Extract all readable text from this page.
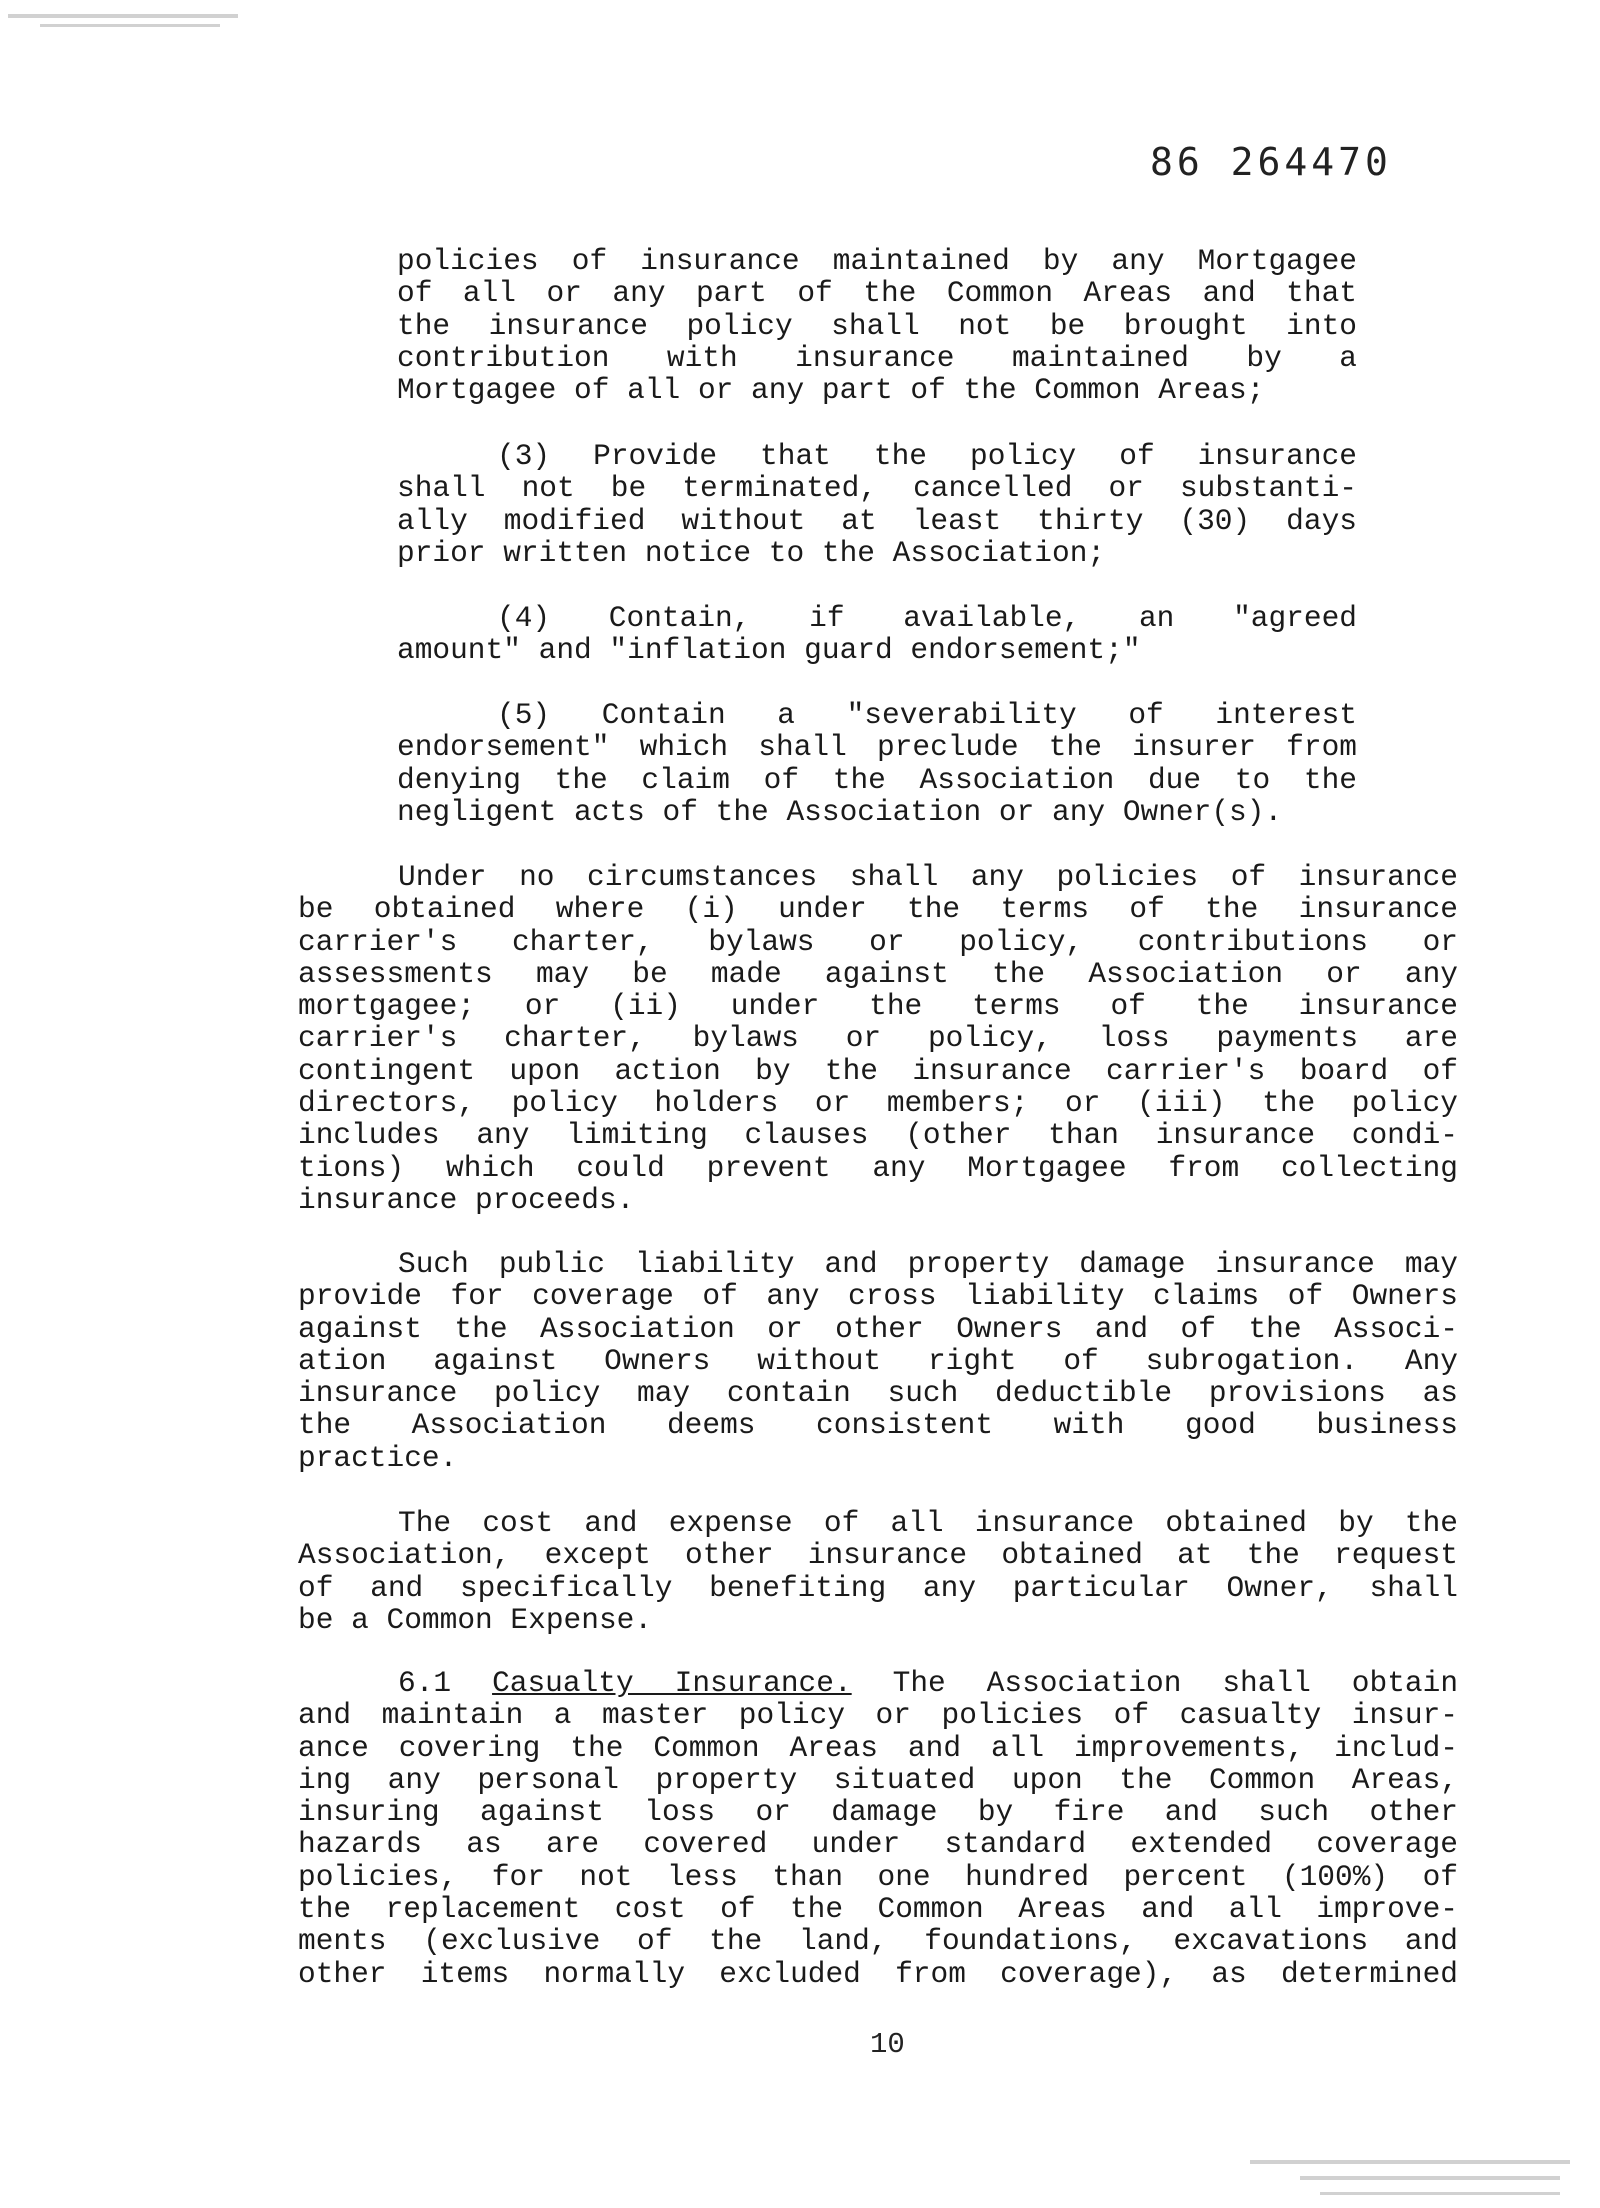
86 264470
policies of insurance maintained by any Mortgagee
of all or any part of the Common Areas and that
the insurance policy shall not be brought into
contribution with insurance maintained by a
Mortgagee of all or any part of the Common Areas;
(3) Provide that the policy of insurance
shall not be terminated, cancelled or substanti-
ally modified without at least thirty (30) days
prior written notice to the Association;
(4) Contain, if available, an "agreed
amount" and "inflation guard endorsement;"
(5) Contain a "severability of interest
endorsement" which shall preclude the insurer from
denying the claim of the Association due to the
negligent acts of the Association or any Owner(s).
Under no circumstances shall any policies of insurance
be obtained where (i) under the terms of the insurance
carrier's charter, bylaws or policy, contributions or
assessments may be made against the Association or any
mortgagee; or (ii) under the terms of the insurance
carrier's charter, bylaws or policy, loss payments are
contingent upon action by the insurance carrier's board of
directors, policy holders or members; or (iii) the policy
includes any limiting clauses (other than insurance condi-
tions) which could prevent any Mortgagee from collecting
insurance proceeds.
Such public liability and property damage insurance may
provide for coverage of any cross liability claims of Owners
against the Association or other Owners and of the Associ-
ation against Owners without right of subrogation. Any
insurance policy may contain such deductible provisions as
the Association deems consistent with good business
practice.
The cost and expense of all insurance obtained by the
Association, except other insurance obtained at the request
of and specifically benefiting any particular Owner, shall
be a Common Expense.
6.1 Casualty Insurance. The Association shall obtain
and maintain a master policy or policies of casualty insur-
ance covering the Common Areas and all improvements, includ-
ing any personal property situated upon the Common Areas,
insuring against loss or damage by fire and such other
hazards as are covered under standard extended coverage
policies, for not less than one hundred percent (100%) of
the replacement cost of the Common Areas and all improve-
ments (exclusive of the land, foundations, excavations and
other items normally excluded from coverage), as determined
10
